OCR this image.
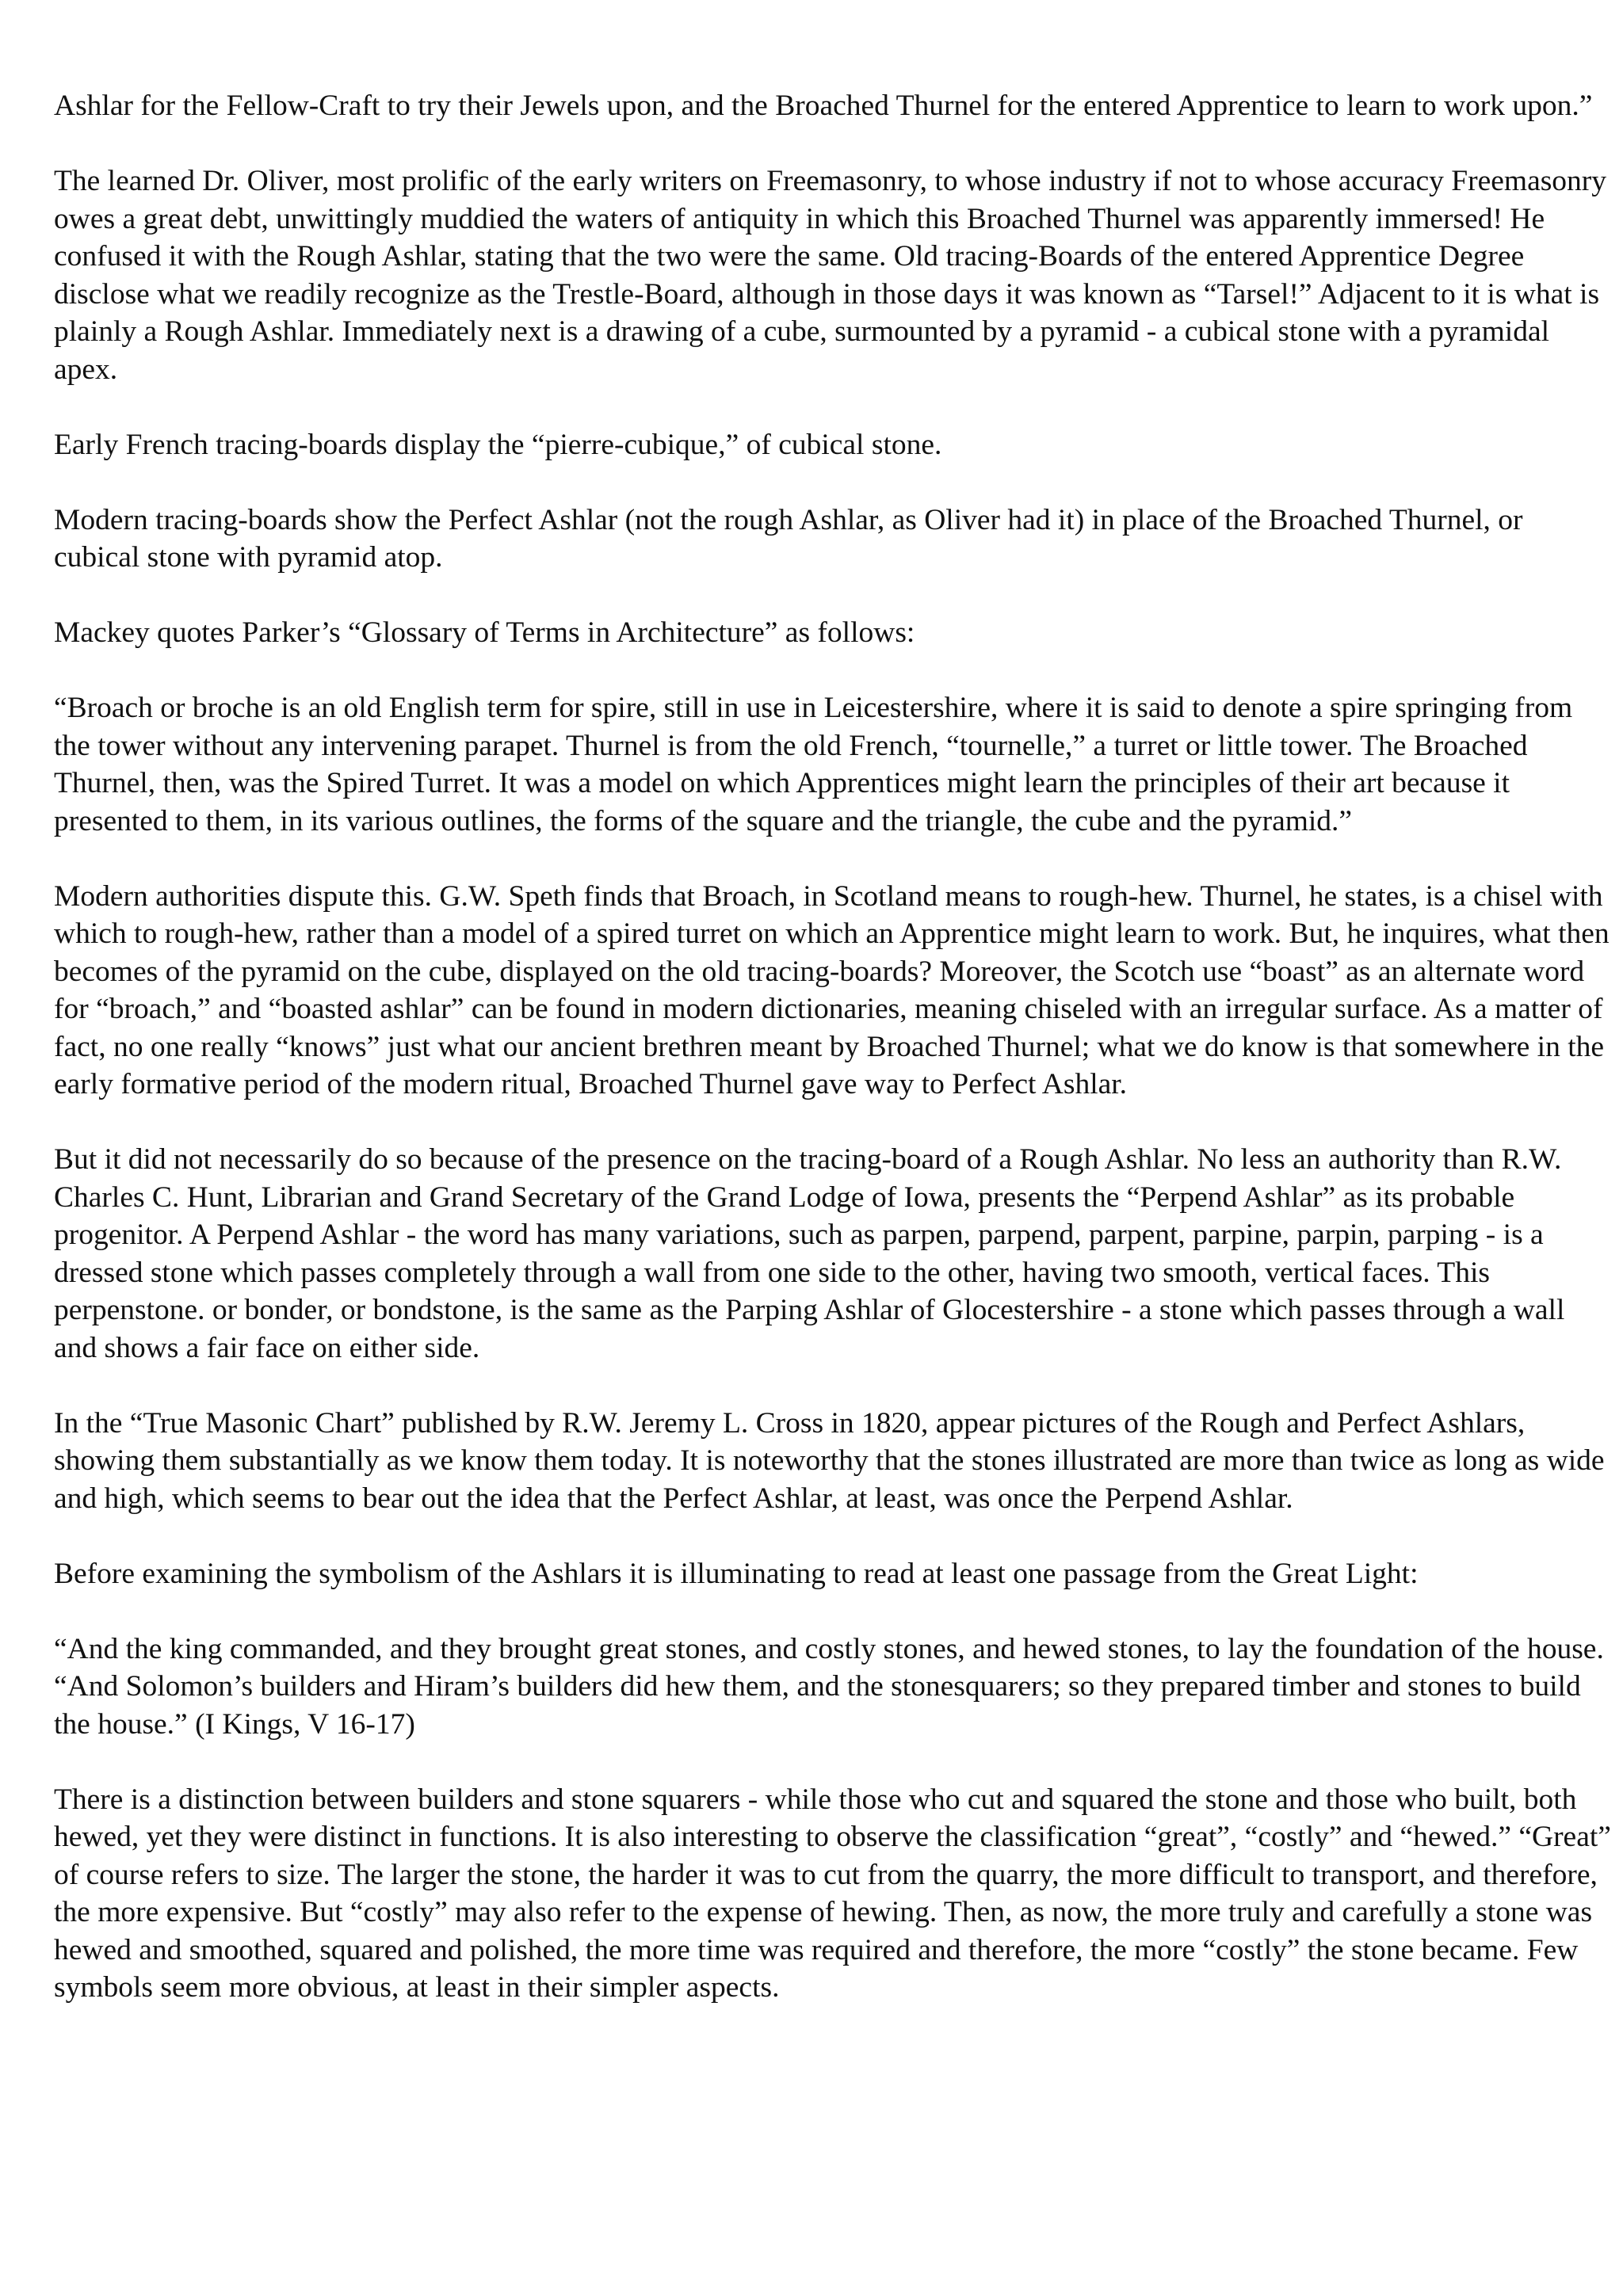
Ashlar for the Fellow-Craft to try their Jewels upon, and the Broached Thurnel for the entered Apprentice to learn to work upon.”

The learned Dr. Oliver, most prolific of the early writers on Freemasonry, to whose industry if not to whose accuracy Freemasonry owes a great debt, unwittingly muddied the waters of antiquity in which this Broached Thurnel was apparently immersed! He confused it with the Rough Ashlar, stating that the two were the same. Old tracing-Boards of the entered Apprentice Degree disclose what we readily recognize as the Trestle-Board, although in those days it was known as “Tarsel!” Adjacent to it is what is plainly a Rough Ashlar. Immediately next is a drawing of a cube, surmounted by a pyramid - a cubical stone with a pyramidal apex.

Early French tracing-boards display the “pierre-cubique,” of cubical stone.

Modern tracing-boards show the Perfect Ashlar (not the rough Ashlar, as Oliver had it) in place of the Broached Thurnel, or cubical stone with pyramid atop.

Mackey quotes Parker’s “Glossary of Terms in Architecture” as follows:

“Broach or broche is an old English term for spire, still in use in Leicestershire, where it is said to denote a spire springing from the tower without any intervening parapet. Thurnel is from the old French, “tournelle,” a turret or little tower. The Broached Thurnel, then, was the Spired Turret. It was a model on which Apprentices might learn the principles of their art because it presented to them, in its various outlines, the forms of the square and the triangle, the cube and the pyramid.”

Modern authorities dispute this. G.W. Speth finds that Broach, in Scotland means to rough-hew. Thurnel, he states, is a chisel with which to rough-hew, rather than a model of a spired turret on which an Apprentice might learn to work. But, he inquires, what then becomes of the pyramid on the cube, displayed on the old tracing-boards? Moreover, the Scotch use “boast” as an alternate word for “broach,” and “boasted ashlar” can be found in modern dictionaries, meaning chiseled with an irregular surface. As a matter of fact, no one really “knows” just what our ancient brethren meant by Broached Thurnel; what we do know is that somewhere in the early formative period of the modern ritual, Broached Thurnel gave way to Perfect Ashlar.

But it did not necessarily do so because of the presence on the tracing-board of a Rough Ashlar. No less an authority than R.W. Charles C. Hunt, Librarian and Grand Secretary of the Grand Lodge of Iowa, presents the “Perpend Ashlar” as its probable progenitor. A Perpend Ashlar - the word has many variations, such as parpen, parpend, parpent, parpine, parpin, parping - is a dressed stone which passes completely through a wall from one side to the other, having two smooth, vertical faces. This perpenstone. or bonder, or bondstone, is the same as the Parping Ashlar of Glocestershire - a stone which passes through a wall and shows a fair face on either side.

In the “True Masonic Chart” published by R.W. Jeremy L. Cross in 1820, appear pictures of the Rough and Perfect Ashlars, showing them substantially as we know them today. It is noteworthy that the stones illustrated are more than twice as long as wide and high, which seems to bear out the idea that the Perfect Ashlar, at least, was once the Perpend Ashlar.

Before examining the symbolism of the Ashlars it is illuminating to read at least one passage from the Great Light:

“And the king commanded, and they brought great stones, and costly stones, and hewed stones, to lay the foundation of the house. “And Solomon’s builders and Hiram’s builders did hew them, and the stonesquarers; so they prepared timber and stones to build the house.” (I Kings, V 16-17)

There is a distinction between builders and stone squarers - while those who cut and squared the stone and those who built, both hewed, yet they were distinct in functions. It is also interesting to observe the classification “great”, “costly” and “hewed.” “Great” of course refers to size. The larger the stone, the harder it was to cut from the quarry, the more difficult to transport, and therefore, the more expensive. But “costly” may also refer to the expense of hewing. Then, as now, the more truly and carefully a stone was hewed and smoothed, squared and polished, the more time was required and therefore, the more “costly” the stone became. Few symbols seem more obvious, at least in their simpler aspects.
